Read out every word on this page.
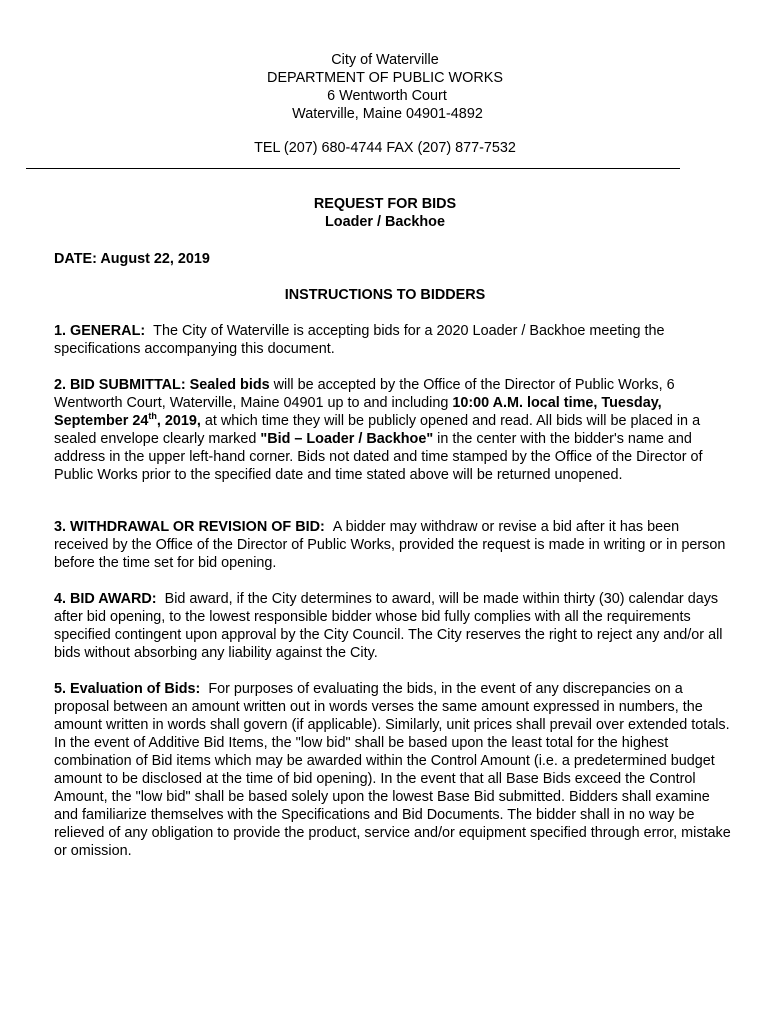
City of Waterville
DEPARTMENT OF PUBLIC WORKS
6 Wentworth Court
Waterville, Maine 04901-4892
TEL (207) 680-4744 FAX (207) 877-7532
REQUEST FOR BIDS
Loader / Backhoe
DATE: August 22, 2019
INSTRUCTIONS TO BIDDERS
1. GENERAL: The City of Waterville is accepting bids for a 2020 Loader / Backhoe meeting the specifications accompanying this document.
2. BID SUBMITTAL: Sealed bids will be accepted by the Office of the Director of Public Works, 6 Wentworth Court, Waterville, Maine 04901 up to and including 10:00 A.M. local time, Tuesday, September 24th, 2019, at which time they will be publicly opened and read. All bids will be placed in a sealed envelope clearly marked "Bid – Loader / Backhoe" in the center with the bidder's name and address in the upper left-hand corner. Bids not dated and time stamped by the Office of the Director of Public Works prior to the specified date and time stated above will be returned unopened.
3. WITHDRAWAL OR REVISION OF BID: A bidder may withdraw or revise a bid after it has been received by the Office of the Director of Public Works, provided the request is made in writing or in person before the time set for bid opening.
4. BID AWARD: Bid award, if the City determines to award, will be made within thirty (30) calendar days after bid opening, to the lowest responsible bidder whose bid fully complies with all the requirements specified contingent upon approval by the City Council. The City reserves the right to reject any and/or all bids without absorbing any liability against the City.
5. Evaluation of Bids: For purposes of evaluating the bids, in the event of any discrepancies on a proposal between an amount written out in words verses the same amount expressed in numbers, the amount written in words shall govern (if applicable). Similarly, unit prices shall prevail over extended totals. In the event of Additive Bid Items, the "low bid" shall be based upon the least total for the highest combination of Bid items which may be awarded within the Control Amount (i.e. a predetermined budget amount to be disclosed at the time of bid opening). In the event that all Base Bids exceed the Control Amount, the "low bid" shall be based solely upon the lowest Base Bid submitted. Bidders shall examine and familiarize themselves with the Specifications and Bid Documents. The bidder shall in no way be relieved of any obligation to provide the product, service and/or equipment specified through error, mistake or omission.
